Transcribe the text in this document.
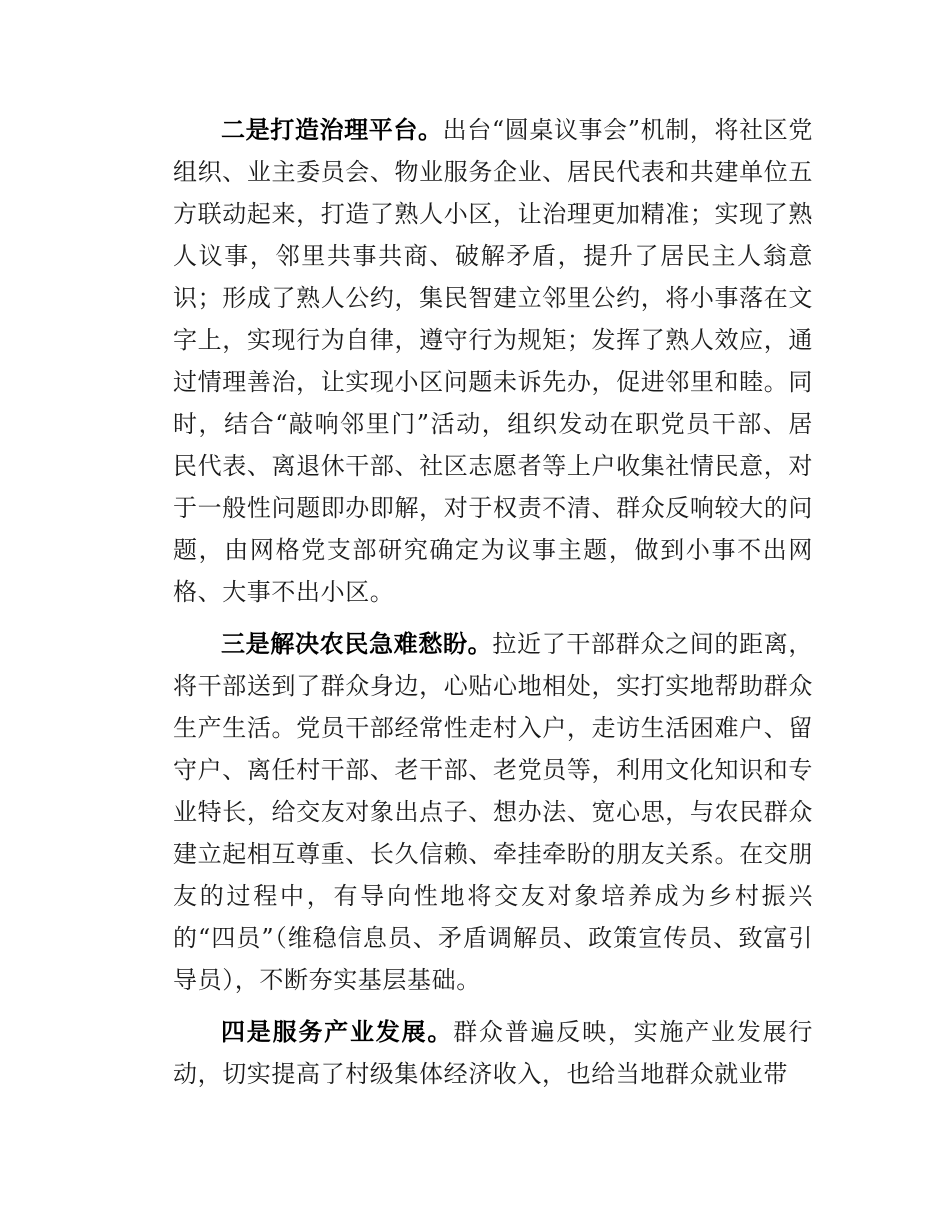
二是打造治理平台。出台“圆桌议事会”机制，将社区党组织、业主委员会、物业服务企业、居民代表和共建单位五方联动起来，打造了熟人小区，让治理更加精准；实现了熟人议事，邻里共事共商、破解矛盾，提升了居民主人翁意识；形成了熟人公约，集民智建立邻里公约，将小事落在文字上，实现行为自律，遵守行为规矩；发挥了熟人效应，通过情理善治，让实现小区问题未诉先办，促进邻里和睦。同时，结合“敲响邻里门”活动，组织发动在职党员干部、居民代表、离退休干部、社区志愿者等上户收集社情民意，对于一般性问题即办即解，对于权责不清、群众反响较大的问题，由网格党支部研究确定为议事主题，做到小事不出网格、大事不出小区。

三是解决农民急难愁盼。拉近了干部群众之间的距离，将干部送到了群众身边，心贴心地相处，实打实地帮助群众生产生活。党员干部经常性走村入户，走访生活困难户、留守户、离任村干部、老干部、老党员等，利用文化知识和专业特长，给交友对象出点子、想办法、宽心思，与农民群众建立起相互尊重、长久信赖、牵挂牵盼的朋友关系。在交朋友的过程中，有导向性地将交友对象培养成为乡村振兴的“四员”（维稳信息员、矛盾调解员、政策宣传员、致富引导员），不断夯实基层基础。

四是服务产业发展。群众普遍反映，实施产业发展行动，切实提高了村级集体经济收入，也给当地群众就业带
